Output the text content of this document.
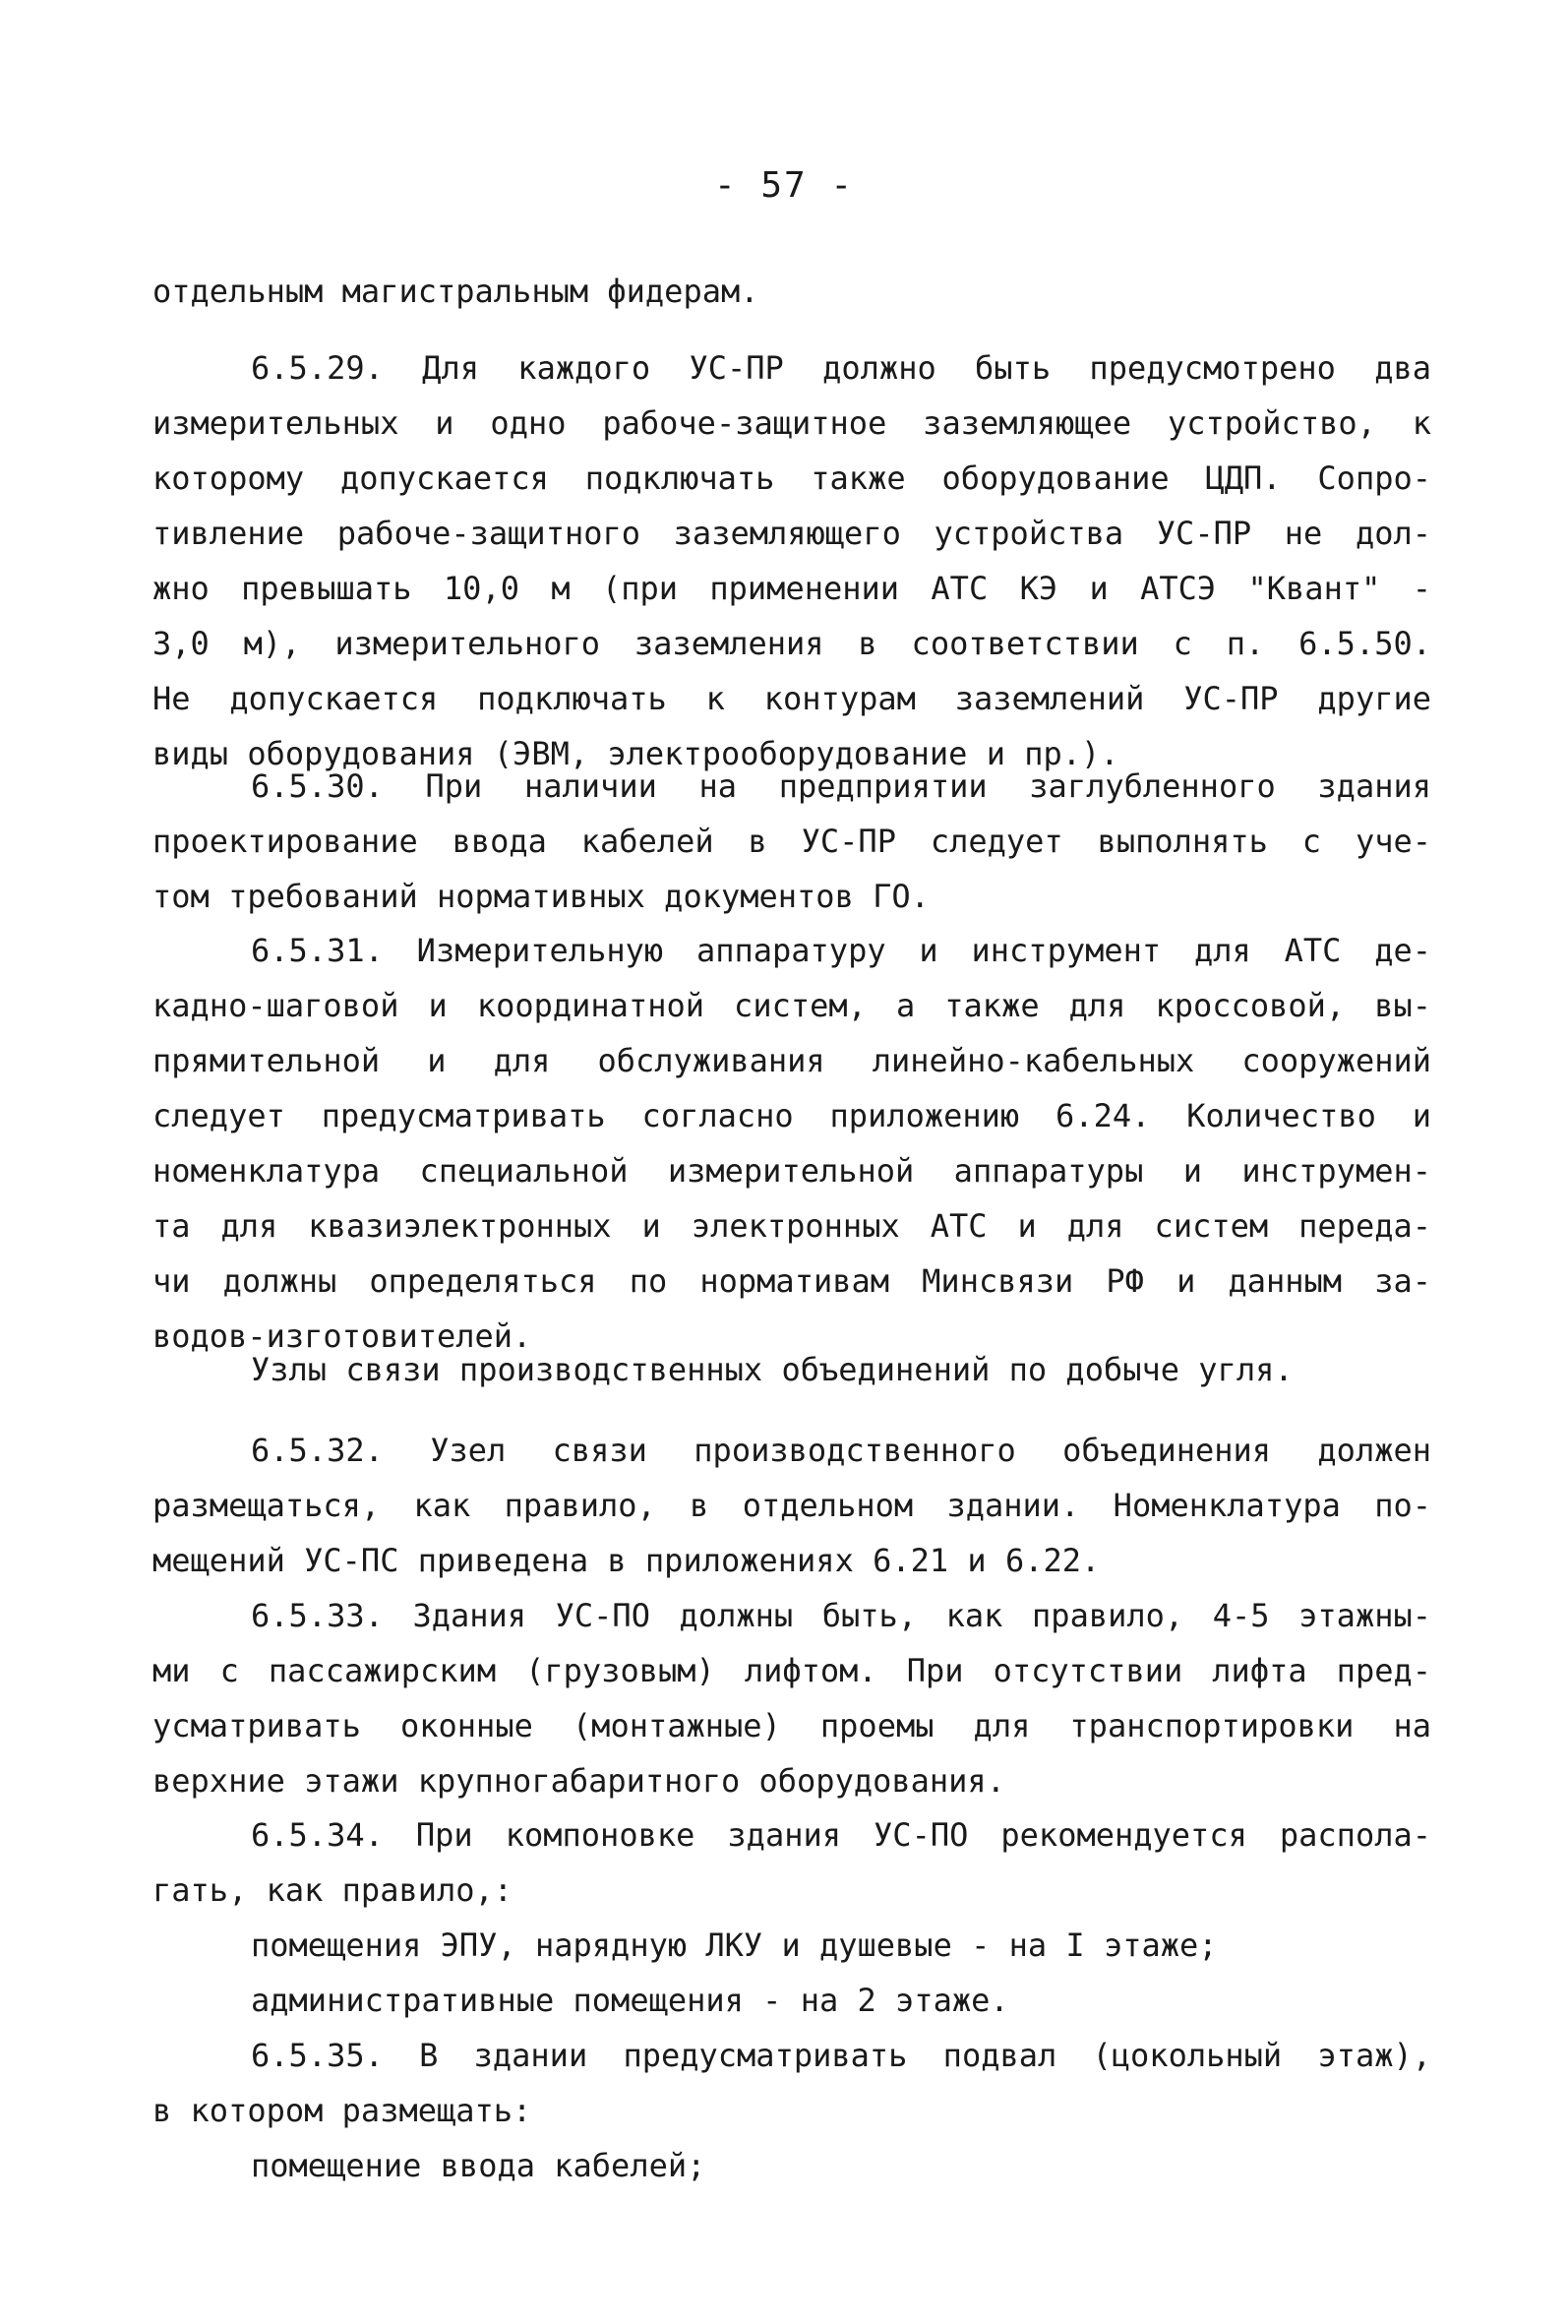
- 57 -
отдельным магистральным фидерам.
6.5.29. Для каждого УС-ПР должно быть предусмотрено два
измерительных и одно рабоче-защитное заземляющее устройство, к
которому допускается подключать также оборудование ЦДП. Сопро-
тивление рабоче-защитного заземляющего устройства УС-ПР не дол-
жно превышать 10,0 м (при применении АТС КЭ и АТСЭ "Квант" -
3,0 м), измерительного заземления в соответствии с п. 6.5.50.
Не допускается подключать к контурам заземлений УС-ПР другие
виды оборудования (ЭВМ, электрооборудование и пр.).
6.5.30. При наличии на предприятии заглубленного здания
проектирование ввода кабелей в УС-ПР следует выполнять с уче-
том требований нормативных документов ГО.
6.5.31. Измерительную аппаратуру и инструмент для АТС де-
кадно-шаговой и координатной систем, а также для кроссовой, вы-
прямительной и для обслуживания линейно-кабельных сооружений
следует предусматривать согласно приложению 6.24. Количество и
номенклатура специальной измерительной аппаратуры и инструмен-
та для квазиэлектронных и электронных АТС и для систем переда-
чи должны определяться по нормативам Минсвязи РФ и данным за-
водов-изготовителей.
Узлы связи производственных объединений по добыче угля.
6.5.32. Узел связи производственного объединения должен
размещаться, как правило, в отдельном здании. Номенклатура по-
мещений УС-ПС приведена в приложениях 6.21 и 6.22.
6.5.33. Здания УС-ПО должны быть, как правило, 4-5 этажны-
ми с пассажирским (грузовым) лифтом. При отсутствии лифта пред-
усматривать оконные (монтажные) проемы для транспортировки на
верхние этажи крупногабаритного оборудования.
6.5.34. При компоновке здания УС-ПО рекомендуется распола-
гать, как правило,:
помещения ЭПУ, нарядную ЛКУ и душевые - на I этаже;
административные помещения - на 2 этаже.
6.5.35. В здании предусматривать подвал (цокольный этаж),
в котором размещать:
помещение ввода кабелей;
